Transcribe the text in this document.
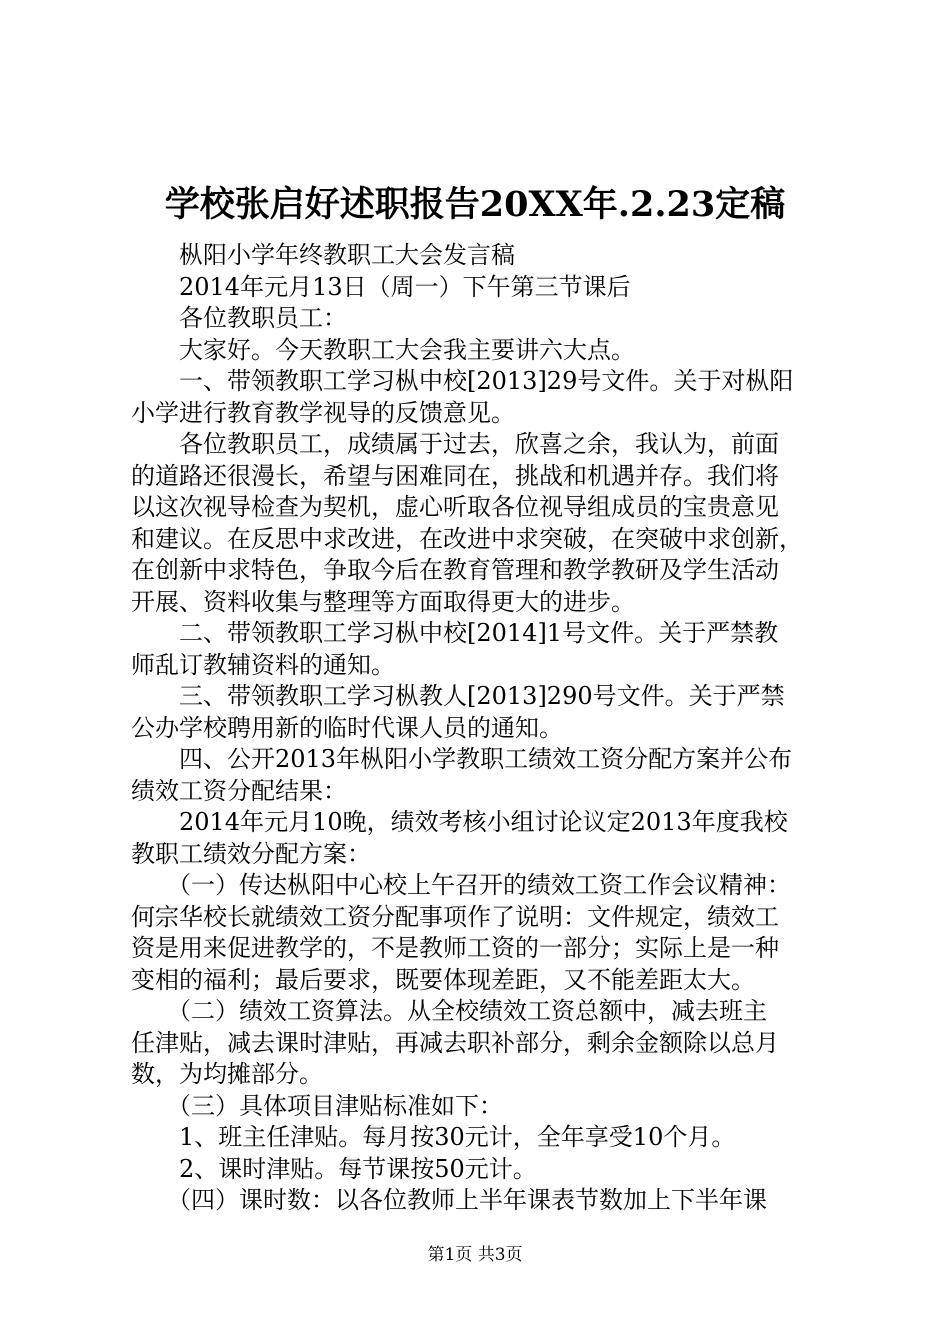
学校张启好述职报告20XX年.2.23定稿
　　枞阳小学年终教职工大会发言稿
　　2014年元月13日（周一）下午第三节课后
　　各位教职员工：
　　大家好。今天教职工大会我主要讲六大点。
　　一、带领教职工学习枞中校[2013]29号文件。关于对枞阳
小学进行教育教学视导的反馈意见。
　　各位教职员工，成绩属于过去，欣喜之余，我认为，前面
的道路还很漫长，希望与困难同在，挑战和机遇并存。我们将
以这次视导检查为契机，虚心听取各位视导组成员的宝贵意见
和建议。在反思中求改进，在改进中求突破，在突破中求创新，
在创新中求特色，争取今后在教育管理和教学教研及学生活动
开展、资料收集与整理等方面取得更大的进步。
　　二、带领教职工学习枞中校[2014]1号文件。关于严禁教
师乱订教辅资料的通知。
　　三、带领教职工学习枞教人[2013]290号文件。关于严禁
公办学校聘用新的临时代课人员的通知。
　　四、公开2013年枞阳小学教职工绩效工资分配方案并公布
绩效工资分配结果：
　　2014年元月10晚，绩效考核小组讨论议定2013年度我校
教职工绩效分配方案：
　　（一）传达枞阳中心校上午召开的绩效工资工作会议精神：
何宗华校长就绩效工资分配事项作了说明：文件规定，绩效工
资是用来促进教学的，不是教师工资的一部分；实际上是一种
变相的福利；最后要求，既要体现差距，又不能差距太大。
　　（二）绩效工资算法。从全校绩效工资总额中，减去班主
任津贴，减去课时津贴，再减去职补部分，剩余金额除以总月
数，为均摊部分。
　　（三）具体项目津贴标准如下：
　　1、班主任津贴。每月按30元计，全年享受10个月。
　　2、课时津贴。每节课按50元计。
　　（四）课时数：以各位教师上半年课表节数加上下半年课
第1页 共3页
